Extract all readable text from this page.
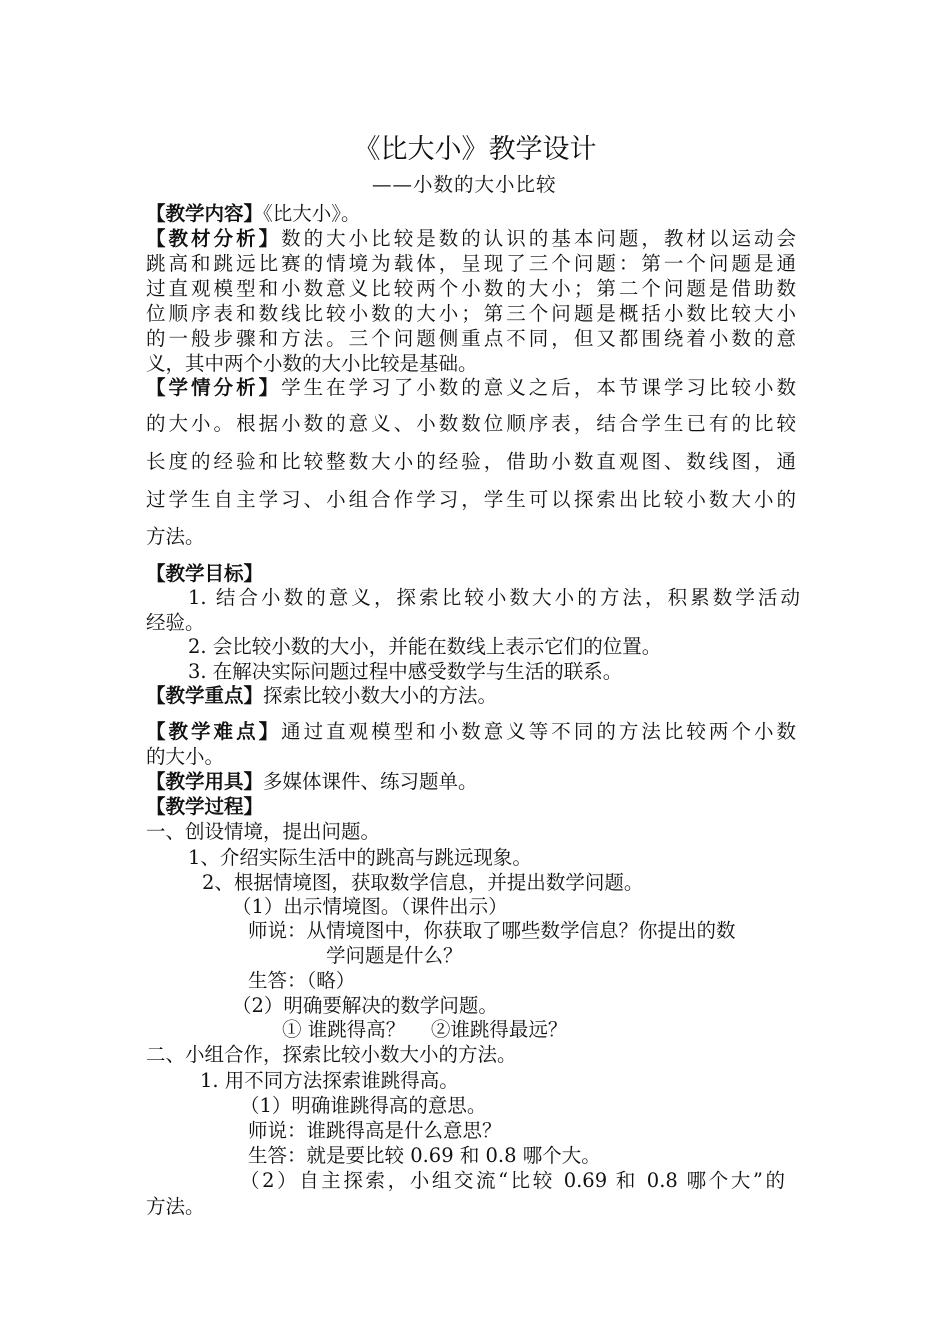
《比大小》教学设计
——小数的大小比较
【教学内容】《比大小》。
【教材分析】数的大小比较是数的认识的基本问题，教材以运动会
跳高和跳远比赛的情境为载体，呈现了三个问题：第一个问题是通
过直观模型和小数意义比较两个小数的大小；第二个问题是借助数
位顺序表和数线比较小数的大小；第三个问题是概括小数比较大小
的一般步骤和方法。三个问题侧重点不同，但又都围绕着小数的意
义，其中两个小数的大小比较是基础。
【学情分析】学生在学习了小数的意义之后，本节课学习比较小数
的大小。根据小数的意义、小数数位顺序表，结合学生已有的比较
长度的经验和比较整数大小的经验，借助小数直观图、数线图，通
过学生自主学习、小组合作学习，学生可以探索出比较小数大小的
方法。
【教学目标】
1. 结合小数的意义，探索比较小数大小的方法，积累数学活动
经验。
2. 会比较小数的大小，并能在数线上表示它们的位置。
3. 在解决实际问题过程中感受数学与生活的联系。
【教学重点】探索比较小数大小的方法。
【教学难点】通过直观模型和小数意义等不同的方法比较两个小数
的大小。
【教学用具】多媒体课件、练习题单。
【教学过程】
一、创设情境，提出问题。
1、介绍实际生活中的跳高与跳远现象。
2、根据情境图，获取数学信息，并提出数学问题。
（1）出示情境图。（课件出示）
师说：从情境图中，你获取了哪些数学信息？你提出的数
学问题是什么？
生答：（略）
（2）明确要解决的数学问题。
① 谁跳得高？　 ②谁跳得最远？
二、小组合作，探索比较小数大小的方法。
1. 用不同方法探索谁跳得高。
（1）明确谁跳得高的意思。
师说：谁跳得高是什么意思？
生答：就是要比较 0.69 和 0.8 哪个大。
（2）自主探索，小组交流“比较 0.69 和 0.8 哪个大”的
方法。
